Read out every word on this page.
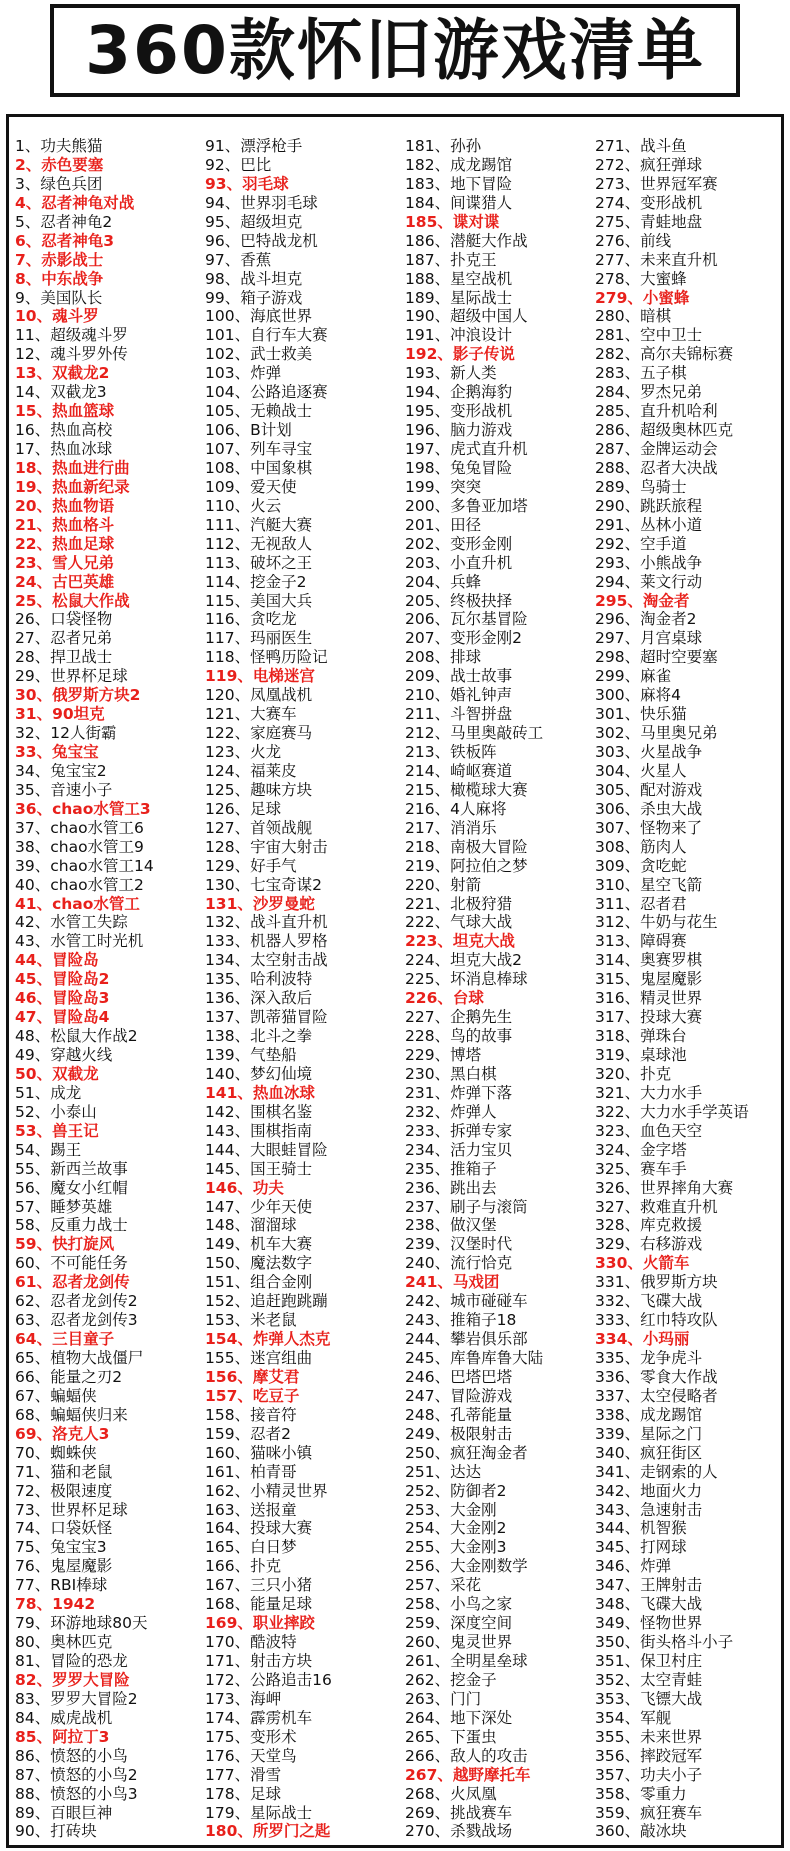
360款怀旧游戏清单
1、功夫熊猫
2、赤色要塞
3、绿色兵团
4、忍者神龟对战
5、忍者神龟2
6、忍者神龟3
7、赤影战士
8、中东战争
9、美国队长
10、魂斗罗
11、超级魂斗罗
12、魂斗罗外传
13、双截龙2
14、双截龙3
15、热血篮球
16、热血高校
17、热血冰球
18、热血进行曲
19、热血新纪录
20、热血物语
21、热血格斗
22、热血足球
23、雪人兄弟
24、古巴英雄
25、松鼠大作战
26、口袋怪物
27、忍者兄弟
28、捍卫战士
29、世界杯足球
30、俄罗斯方块2
31、90坦克
32、12人街霸
33、兔宝宝
34、兔宝宝2
35、音速小子
36、chao水管工3
37、chao水管工6
38、chao水管工9
39、chao水管工14
40、chao水管工2
41、chao水管工
42、水管工失踪
43、水管工时光机
44、冒险岛
45、冒险岛2
46、冒险岛3
47、冒险岛4
48、松鼠大作战2
49、穿越火线
50、双截龙
51、成龙
52、小泰山
53、兽王记
54、踢王
55、新西兰故事
56、魔女小红帽
57、睡梦英雄
58、反重力战士
59、快打旋风
60、不可能任务
61、忍者龙剑传
62、忍者龙剑传2
63、忍者龙剑传3
64、三目童子
65、植物大战僵尸
66、能量之刃2
67、蝙蝠侠
68、蝙蝠侠归来
69、洛克人3
70、蜘蛛侠
71、猫和老鼠
72、极限速度
73、世界杯足球
74、口袋妖怪
75、兔宝宝3
76、鬼屋魔影
77、RBI棒球
78、1942
79、环游地球80天
80、奥林匹克
81、冒险的恐龙
82、罗罗大冒险
83、罗罗大冒险2
84、威虎战机
85、阿拉丁3
86、愤怒的小鸟
87、愤怒的小鸟2
88、愤怒的小鸟3
89、百眼巨神
90、打砖块
91、漂浮枪手
92、巴比
93、羽毛球
94、世界羽毛球
95、超级坦克
96、巴特战龙机
97、香蕉
98、战斗坦克
99、箱子游戏
100、海底世界
101、自行车大赛
102、武士救美
103、炸弹
104、公路追逐赛
105、无赖战士
106、B计划
107、列车寻宝
108、中国象棋
109、爱天使
110、火云
111、汽艇大赛
112、无视敌人
113、破坏之王
114、挖金子2
115、美国大兵
116、贪吃龙
117、玛丽医生
118、怪鸭历险记
119、电梯迷宫
120、凤凰战机
121、大赛车
122、家庭赛马
123、火龙
124、福莱皮
125、趣味方块
126、足球
127、首领战舰
128、宇宙大射击
129、好手气
130、七宝奇谋2
131、沙罗曼蛇
132、战斗直升机
133、机器人罗格
134、太空射击战
135、哈利波特
136、深入敌后
137、凯蒂猫冒险
138、北斗之拳
139、气垫船
140、梦幻仙境
141、热血冰球
142、围棋名鉴
143、围棋指南
144、大眼蛙冒险
145、国王骑士
146、功夫
147、少年天使
148、溜溜球
149、机车大赛
150、魔法数字
151、组合金刚
152、追赶跑跳蹦
153、米老鼠
154、炸弹人杰克
155、迷宫组曲
156、摩艾君
157、吃豆子
158、接音符
159、忍者2
160、猫咪小镇
161、柏青哥
162、小精灵世界
163、送报童
164、投球大赛
165、白日梦
166、扑克
167、三只小猪
168、能量足球
169、职业摔跤
170、酷波特
171、射击方块
172、公路追击16
173、海岬
174、霹雳机车
175、变形术
176、天堂鸟
177、滑雪
178、足球
179、星际战士
180、所罗门之匙
181、孙孙
182、成龙踢馆
183、地下冒险
184、间谍猎人
185、谍对谍
186、潜艇大作战
187、扑克王
188、星空战机
189、星际战士
190、超级中国人
191、冲浪设计
192、影子传说
193、新人类
194、企鹅海豹
195、变形战机
196、脑力游戏
197、虎式直升机
198、兔兔冒险
199、突突
200、多鲁亚加塔
201、田径
202、变形金刚
203、小直升机
204、兵蜂
205、终极抉择
206、瓦尔基冒险
207、变形金刚2
208、排球
209、战士故事
210、婚礼钟声
211、斗智拼盘
212、马里奥敲砖工
213、铁板阵
214、崎岖赛道
215、橄榄球大赛
216、4人麻将
217、消消乐
218、南极大冒险
219、阿拉伯之梦
220、射箭
221、北极狩猎
222、气球大战
223、坦克大战
224、坦克大战2
225、坏消息棒球
226、台球
227、企鹅先生
228、鸟的故事
229、博塔
230、黑白棋
231、炸弹下落
232、炸弹人
233、拆弹专家
234、活力宝贝
235、推箱子
236、跳出去
237、刷子与滚筒
238、做汉堡
239、汉堡时代
240、流行恰克
241、马戏团
242、城市碰碰车
243、推箱子18
244、攀岩俱乐部
245、库鲁库鲁大陆
246、巴塔巴塔
247、冒险游戏
248、孔蒂能量
249、极限射击
250、疯狂淘金者
251、达达
252、防御者2
253、大金刚
254、大金刚2
255、大金刚3
256、大金刚数学
257、采花
258、小鸟之家
259、深度空间
260、鬼灵世界
261、全明星垒球
262、挖金子
263、门门
264、地下深处
265、下蛋虫
266、敌人的攻击
267、越野摩托车
268、火凤凰
269、挑战赛车
270、杀戮战场
271、战斗鱼
272、疯狂弹球
273、世界冠军赛
274、变形战机
275、青蛙地盘
276、前线
277、未来直升机
278、大蜜蜂
279、小蜜蜂
280、暗棋
281、空中卫士
282、高尔夫锦标赛
283、五子棋
284、罗杰兄弟
285、直升机哈利
286、超级奥林匹克
287、金牌运动会
288、忍者大决战
289、鸟骑士
290、跳跃旅程
291、丛林小道
292、空手道
293、小熊战争
294、莱文行动
295、淘金者
296、淘金者2
297、月宫桌球
298、超时空要塞
299、麻雀
300、麻将4
301、快乐猫
302、马里奥兄弟
303、火星战争
304、火星人
305、配对游戏
306、杀虫大战
307、怪物来了
308、筋肉人
309、贪吃蛇
310、星空飞箭
311、忍者君
312、牛奶与花生
313、障碍赛
314、奥赛罗棋
315、鬼屋魔影
316、精灵世界
317、投球大赛
318、弹珠台
319、桌球池
320、扑克
321、大力水手
322、大力水手学英语
323、血色天空
324、金字塔
325、赛车手
326、世界摔角大赛
327、救难直升机
328、库克救援
329、右移游戏
330、火箭车
331、俄罗斯方块
332、飞碟大战
333、红巾特攻队
334、小玛丽
335、龙争虎斗
336、零食大作战
337、太空侵略者
338、成龙踢馆
339、星际之门
340、疯狂街区
341、走钢索的人
342、地面火力
343、急速射击
344、机智猴
345、打网球
346、炸弹
347、王牌射击
348、飞碟大战
349、怪物世界
350、街头格斗小子
351、保卫村庄
352、太空青蛙
353、飞镖大战
354、军舰
355、未来世界
356、摔跤冠军
357、功夫小子
358、零重力
359、疯狂赛车
360、敲冰块
